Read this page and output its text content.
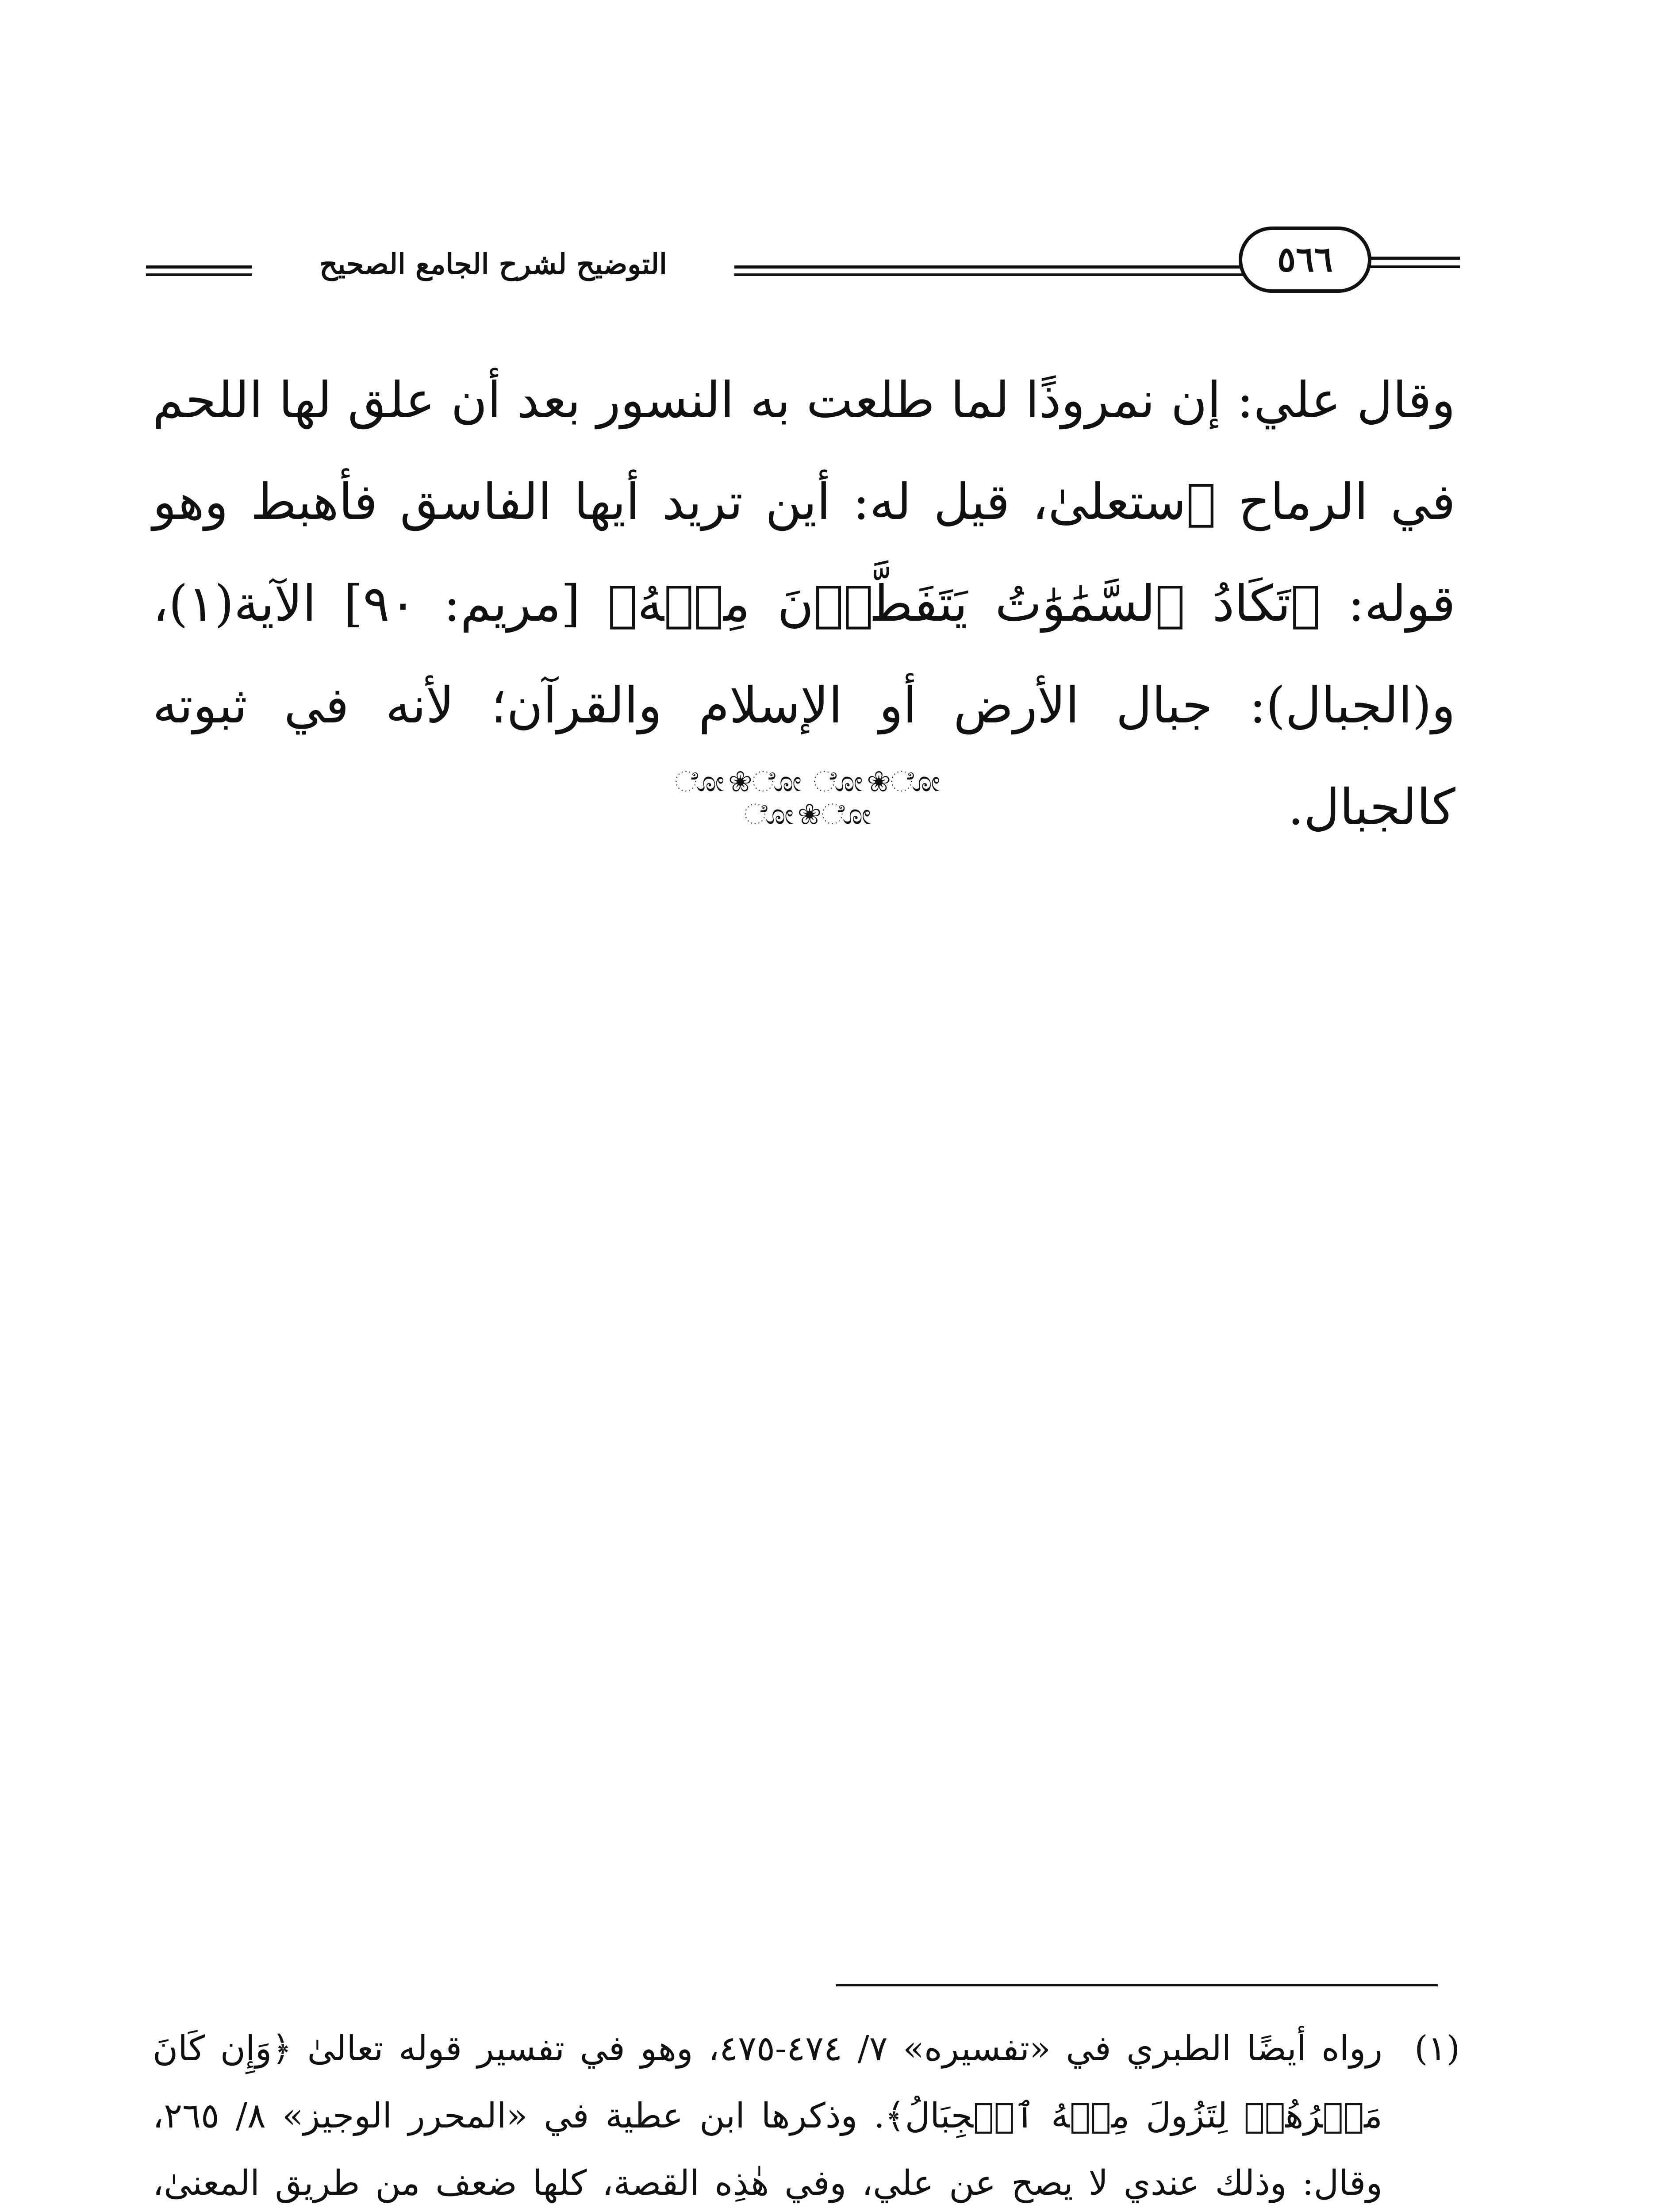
التوضيح لشرح الجامع الصحيح	٥٦٦

وقال علي: إن نمروذًا لما طلعت به النسور بعد أن علق لها اللحم في الرماح ٱستعلىٰ، قيل له: أين تريد أيها الفاسق فأهبط وهو قوله: ﴿تَكَادُ ٱلسَّمَٰوَٰتُ يَتَفَطَّرۡنَ مِنۡهُ﴾ [مريم: ٩٠] الآية(١)، و(الجبال): جبال الأرض أو الإسلام والقرآن؛ لأنه في ثبوته كالجبال.

ೋ❀ೋ ೋ❀ೋ ೋ❀ೋ
(١)

رواه أيضًا الطبري في «تفسيره» ٧/ ٤٧٤-٤٧٥، وهو في تفسير قوله تعالىٰ ﴿وَإِن كَانَ مَكۡرُهُمۡ لِتَزُولَ مِنۡهُ ٱلۡجِبَالُ﴾. وذكرها ابن عطية في «المحرر الوجيز» ٨/ ٢٦٥، وقال: وذلك عندي لا يصح عن علي، وفي هٰذِه القصة، كلها ضعف من طريق المعنىٰ،
